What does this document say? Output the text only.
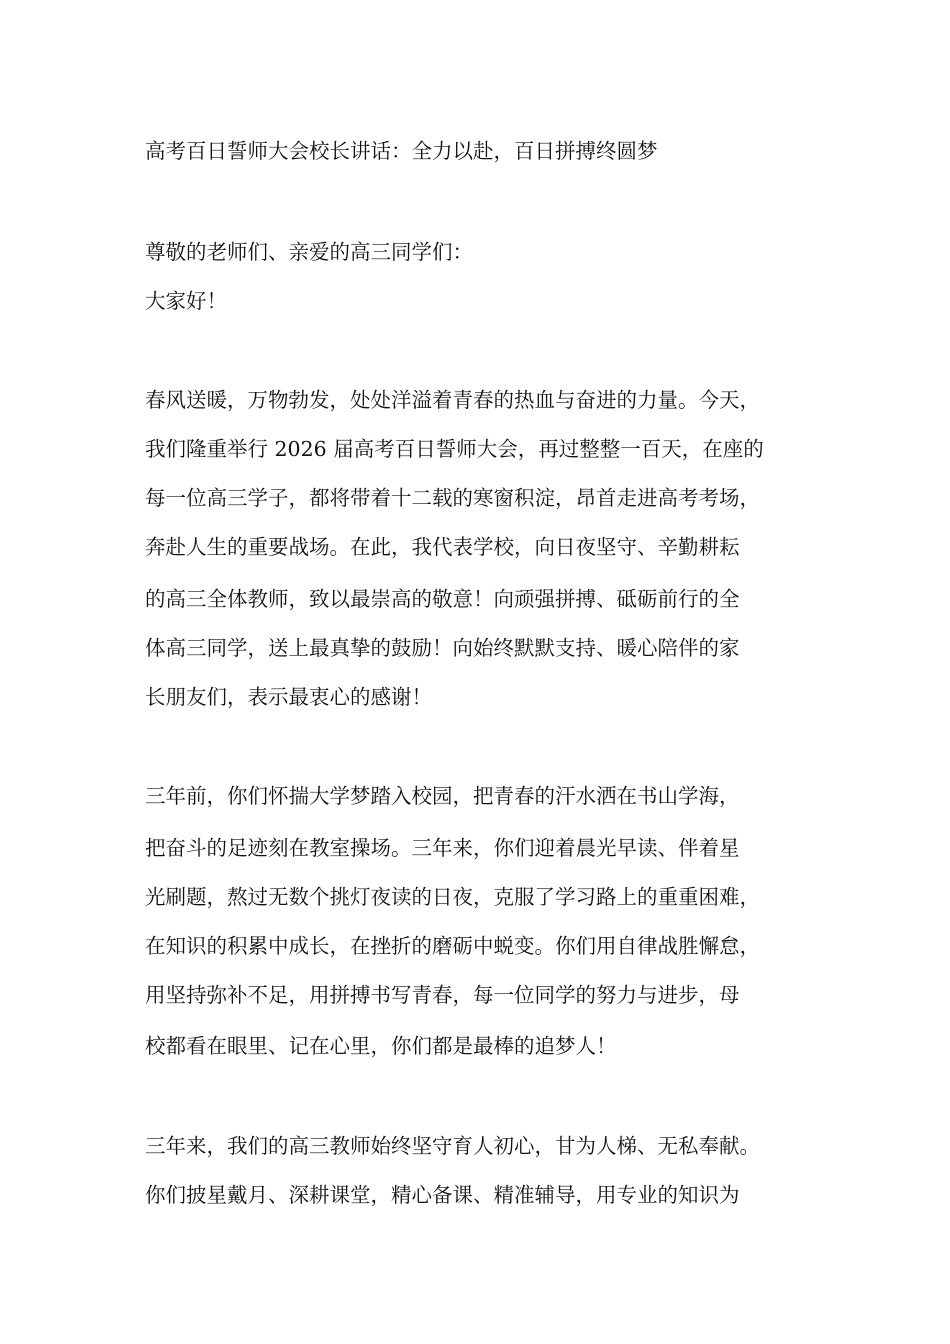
高考百日誓师大会校长讲话：全力以赴，百日拼搏终圆梦
尊敬的老师们、亲爱的高三同学们：
大家好！
春风送暖，万物勃发，处处洋溢着青春的热血与奋进的力量。今天，
我们隆重举行 2026 届高考百日誓师大会，再过整整一百天，在座的
每一位高三学子，都将带着十二载的寒窗积淀，昂首走进高考考场，
奔赴人生的重要战场。在此，我代表学校，向日夜坚守、辛勤耕耘
的高三全体教师，致以最崇高的敬意！向顽强拼搏、砥砺前行的全
体高三同学，送上最真挚的鼓励！向始终默默支持、暖心陪伴的家
长朋友们，表示最衷心的感谢！
三年前，你们怀揣大学梦踏入校园，把青春的汗水洒在书山学海，
把奋斗的足迹刻在教室操场。三年来，你们迎着晨光早读、伴着星
光刷题，熬过无数个挑灯夜读的日夜，克服了学习路上的重重困难，
在知识的积累中成长，在挫折的磨砺中蜕变。你们用自律战胜懈怠，
用坚持弥补不足，用拼搏书写青春，每一位同学的努力与进步，母
校都看在眼里、记在心里，你们都是最棒的追梦人！
三年来，我们的高三教师始终坚守育人初心，甘为人梯、无私奉献。
你们披星戴月、深耕课堂，精心备课、精准辅导，用专业的知识为
